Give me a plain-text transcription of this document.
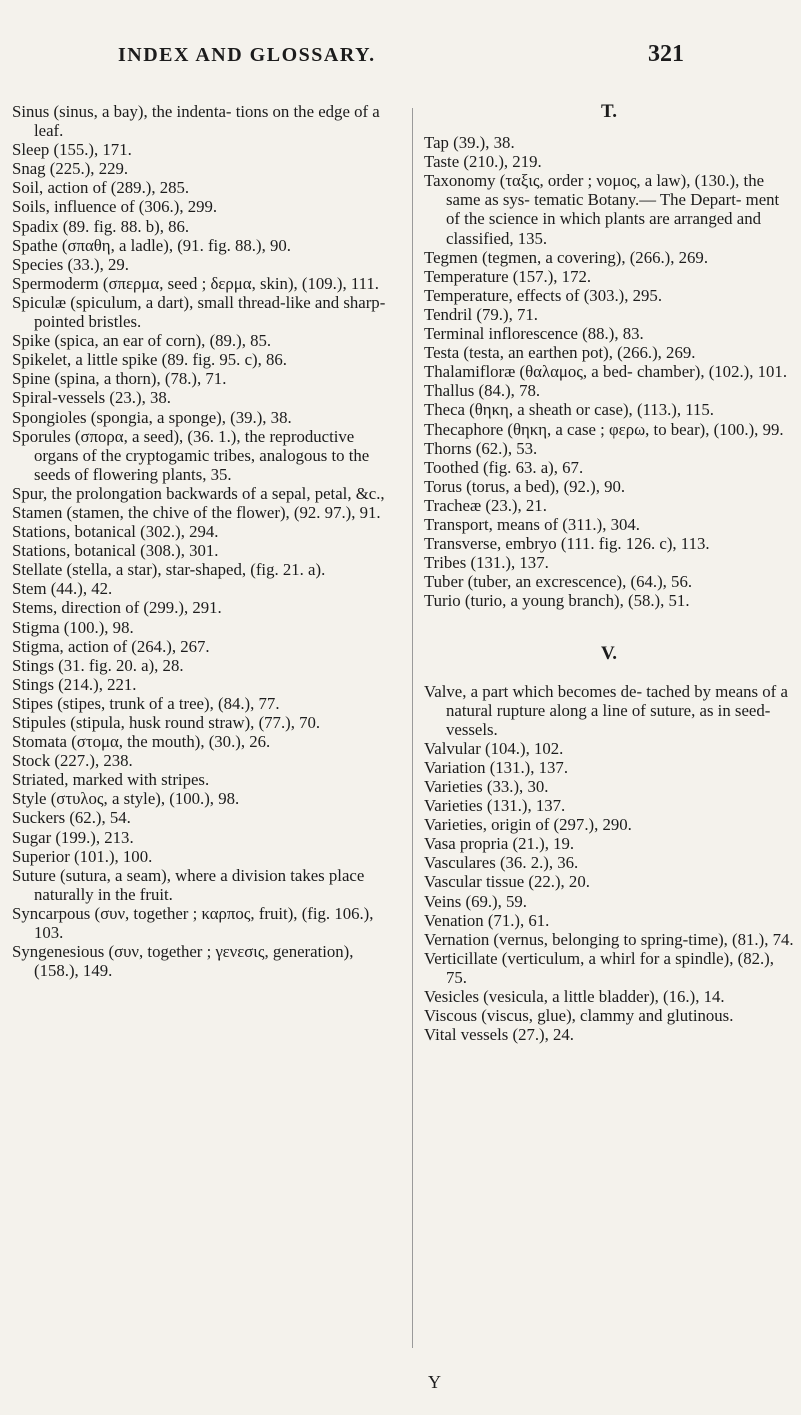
INDEX AND GLOSSARY.	321

Sinus (sinus, a bay), the indenta- tions on the edge of a leaf.

Sleep (155.), 171.

Snag (225.), 229.

Soil, action of (289.), 285.

Soils, influence of (306.), 299.

Spadix (89. fig. 88. b), 86.

Spathe (σπαθη, a ladle), (91. fig. 88.), 90.

Species (33.), 29.

Spermoderm (σπερμα, seed ; δερμα, skin), (109.), 111.

Spiculæ (spiculum, a dart), small thread-like and sharp-pointed bristles.

Spike (spica, an ear of corn), (89.), 85.

Spikelet, a little spike (89. fig. 95. c), 86.

Spine (spina, a thorn), (78.), 71.

Spiral-vessels (23.), 38.

Spongioles (spongia, a sponge), (39.), 38.

Sporules (σπορα, a seed), (36. 1.), the reproductive organs of the cryptogamic tribes, analogous to the seeds of flowering plants, 35.

Spur, the prolongation backwards of a sepal, petal, &c.,

Stamen (stamen, the chive of the flower), (92. 97.), 91.

Stations, botanical (302.), 294.

Stations, botanical (308.), 301.

Stellate (stella, a star), star-shaped, (fig. 21. a).

Stem (44.), 42.

Stems, direction of (299.), 291.

Stigma (100.), 98.

Stigma, action of (264.), 267.

Stings (31. fig. 20. a), 28.

Stings (214.), 221.

Stipes (stipes, trunk of a tree), (84.), 77.

Stipules (stipula, husk round straw), (77.), 70.

Stomata (στομα, the mouth), (30.), 26.

Stock (227.), 238.

Striated, marked with stripes.

Style (στυλος, a style), (100.), 98.

Suckers (62.), 54.

Sugar (199.), 213.

Superior (101.), 100.

Suture (sutura, a seam), where a division takes place naturally in the fruit.

Syncarpous (συν, together ; καρπος, fruit), (fig. 106.), 103.

Syngenesious (συν, together ; γενεσις, generation), (158.), 149.

T.

Tap (39.), 38.

Taste (210.), 219.

Taxonomy (ταξις, order ; νομος, a law), (130.), the same as sys- tematic Botany.— The Depart- ment of the science in which plants are arranged and classified, 135.

Tegmen (tegmen, a covering), (266.), 269.

Temperature (157.), 172.

Temperature, effects of (303.), 295.

Tendril (79.), 71.

Terminal inflorescence (88.), 83.

Testa (testa, an earthen pot), (266.), 269.

Thalamifloræ (θαλαμος, a bed- chamber), (102.), 101.

Thallus (84.), 78.

Theca (θηκη, a sheath or case), (113.), 115.

Thecaphore (θηκη, a case ; φερω, to bear), (100.), 99.

Thorns (62.), 53.

Toothed (fig. 63. a), 67.

Torus (torus, a bed), (92.), 90.

Tracheæ (23.), 21.

Transport, means of (311.), 304.

Transverse, embryo (111. fig. 126. c), 113.

Tribes (131.), 137.

Tuber (tuber, an excrescence), (64.), 56.

Turio (turio, a young branch), (58.), 51.

V.

Valve, a part which becomes de- tached by means of a natural rupture along a line of suture, as in seed-vessels.

Valvular (104.), 102.

Variation (131.), 137.

Varieties (33.), 30.

Varieties (131.), 137.

Varieties, origin of (297.), 290.

Vasa propria (21.), 19.

Vasculares (36. 2.), 36.

Vascular tissue (22.), 20.

Veins (69.), 59.

Venation (71.), 61.

Vernation (vernus, belonging to spring-time), (81.), 74.

Verticillate (verticulum, a whirl for a spindle), (82.), 75.

Vesicles (vesicula, a little bladder), (16.), 14.

Viscous (viscus, glue), clammy and glutinous.

Vital vessels (27.), 24.

Y
